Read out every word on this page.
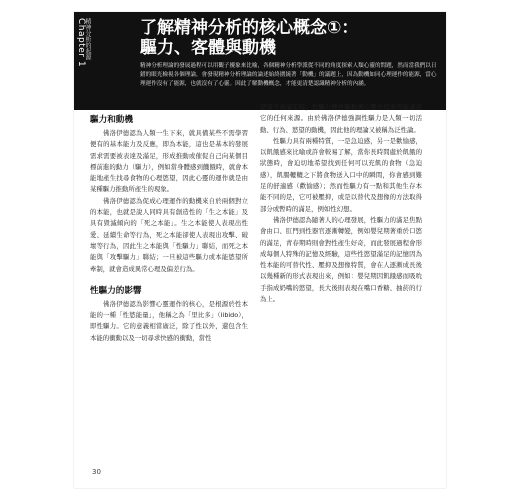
了解精神分析的核心概念①：
驅力、客體與動機
精神分析理論的發展過程可以用觀子擾象來比喻，各個精神分析學派從不同的角度探索人類心靈的問題，然而當我們以日錯的眼光檢視各個理論，會發現精神分析理論的論述始終圍繞著「動機」的議題上，因為動機如同心理運作的能源，當心理運作沒有了能源，也就沒有了心靈。因此了解動機概念，才能更清楚認識精神分析的內涵。
Chapter 1
精神分析的起源
驅力和動機

佛洛伊德認為人類一生下來，就具備某些不需學習便有的基本能力及反應，即為本能，這也是基本的發展需求需要被表達及滿足，形成推動或催促自己向某個目標前進的動力（驅力），例如當身體感到饑餓時，就會本能地產生找尋食物的心理慾望，因此心靈的運作就是由某種驅力推動所產生的現象。

佛洛伊德認為促成心理運作的動機來自於兩個對立的本能，也就是說人同時具有創造性的「生之本能」及具有毀滅傾向的「死之本能」。生之本能使人表現出性愛、延續生命等行為，死之本能卻使人表現出攻擊、破壞等行為，因此生之本能與「性驅力」聯結，而死之本能與「攻擊驅力」聯結；一旦被這些驅力或本能慾望所牽制，就會造成異常心理及偏差行為。

性驅力的影響

佛洛伊德認為影響心靈運作的核心，是根源於性本能的一種「性慾能量」，他稱之為「里比多」（libido），即性驅力。它的意義相當廣泛，除了性以外，還包含生本能的衝動以及一切尋求快感的衝動，當性

慾望不被滿足時，性驅力便會驅動著心靈去追求可能滿足它的任何來源。由於佛洛伊德強調性驅力是人類一切活動、行為、慾望的動機，因此他的理論又被稱為泛性論。

性驅力具有兩種特質，一是急迫感，另一是歡愉感，以飢餓感來比喻或許會較易了解，當你長時間處於飢餓的狀態時，會迫切地希望找到任何可以充飢的食物（急迫感），飢腸轆轆之下將食物送入口中的瞬間，你會感到難足的舒適感（歡愉感）；然而性驅力有一點和其他生存本能不同的是，它可被壓抑，或是以替代及想像的方法取得部分或暫時的滿足，例如性幻想。

佛洛伊德認為隨著人的心理發展，性驅力的滿足焦點會由口、肛門到性器官逐漸轉變，例如嬰兒期著重於口慾的滿足，青春期時則會對性產生好奇，而此發展過程會形成每個人特殊的記憶及經驗，這些性慾望滿足的記憶因為性本能的可替代性、壓抑及想像特質，會在人逐漸成長後以幾種新的形式表現出來，例如：嬰兒期因飢餓感而吸吮手指成奶嘴的慾望，長大後則表現在嘴口香糖、抽菸的行為上。

30
